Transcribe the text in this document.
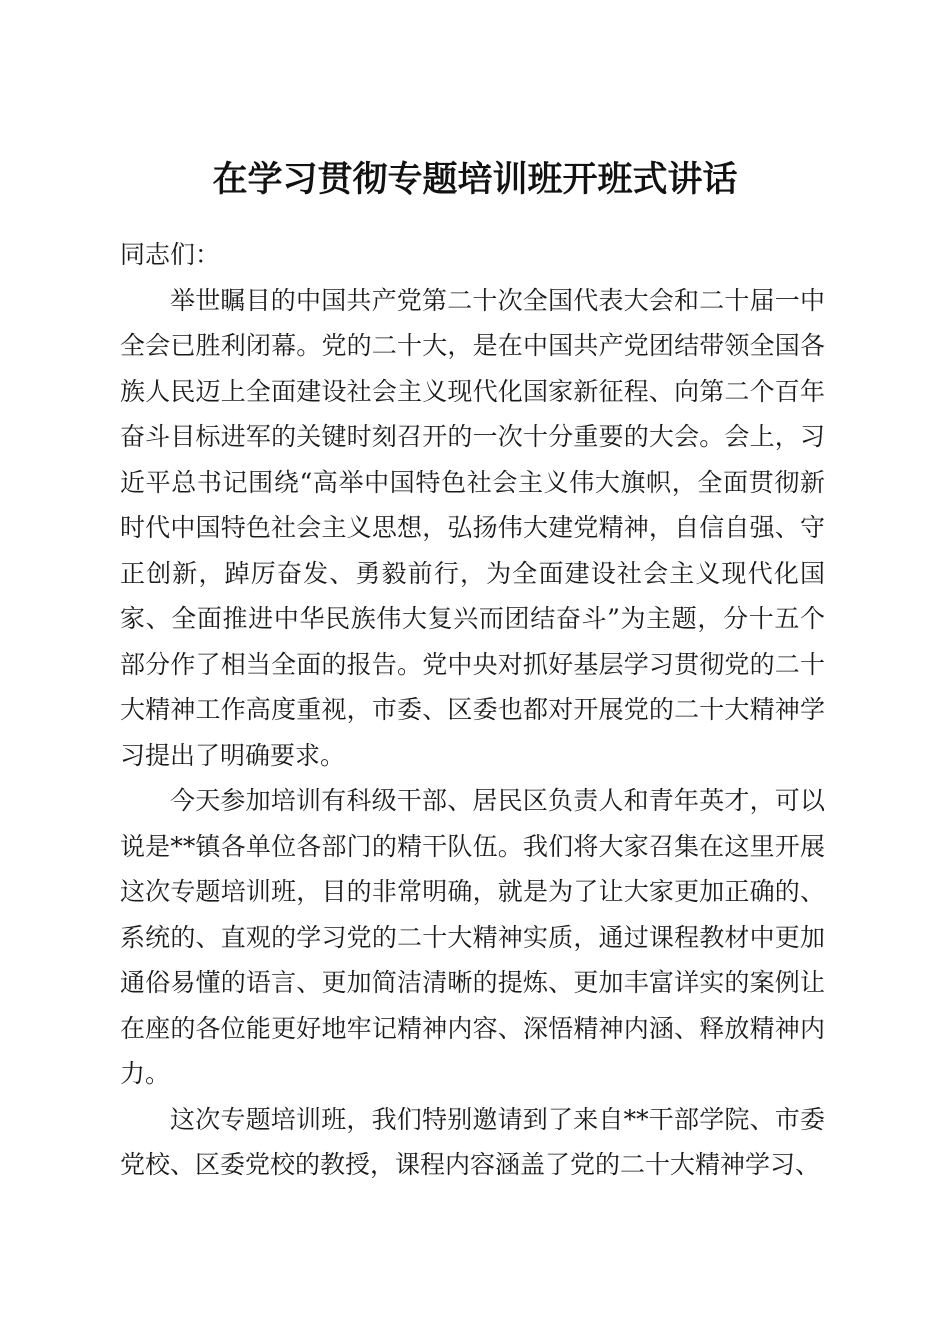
在学习贯彻专题培训班开班式讲话

同志们：

举世瞩目的中国共产党第二十次全国代表大会和二十届一中全会已胜利闭幕。党的二十大，是在中国共产党团结带领全国各族人民迈上全面建设社会主义现代化国家新征程、向第二个百年奋斗目标进军的关键时刻召开的一次十分重要的大会。会上，习近平总书记围绕“高举中国特色社会主义伟大旗帜，全面贯彻新时代中国特色社会主义思想，弘扬伟大建党精神，自信自强、守正创新，踔厉奋发、勇毅前行，为全面建设社会主义现代化国家、全面推进中华民族伟大复兴而团结奋斗”为主题，分十五个部分作了相当全面的报告。党中央对抓好基层学习贯彻党的二十大精神工作高度重视，市委、区委也都对开展党的二十大精神学习提出了明确要求。

今天参加培训有科级干部、居民区负责人和青年英才，可以说是**镇各单位各部门的精干队伍。我们将大家召集在这里开展这次专题培训班，目的非常明确，就是为了让大家更加正确的、系统的、直观的学习党的二十大精神实质，通过课程教材中更加通俗易懂的语言、更加简洁清晰的提炼、更加丰富详实的案例让在座的各位能更好地牢记精神内容、深悟精神内涵、释放精神内力。

这次专题培训班，我们特别邀请到了来自**干部学院、市委党校、区委党校的教授，课程内容涵盖了党的二十大精神学习、
